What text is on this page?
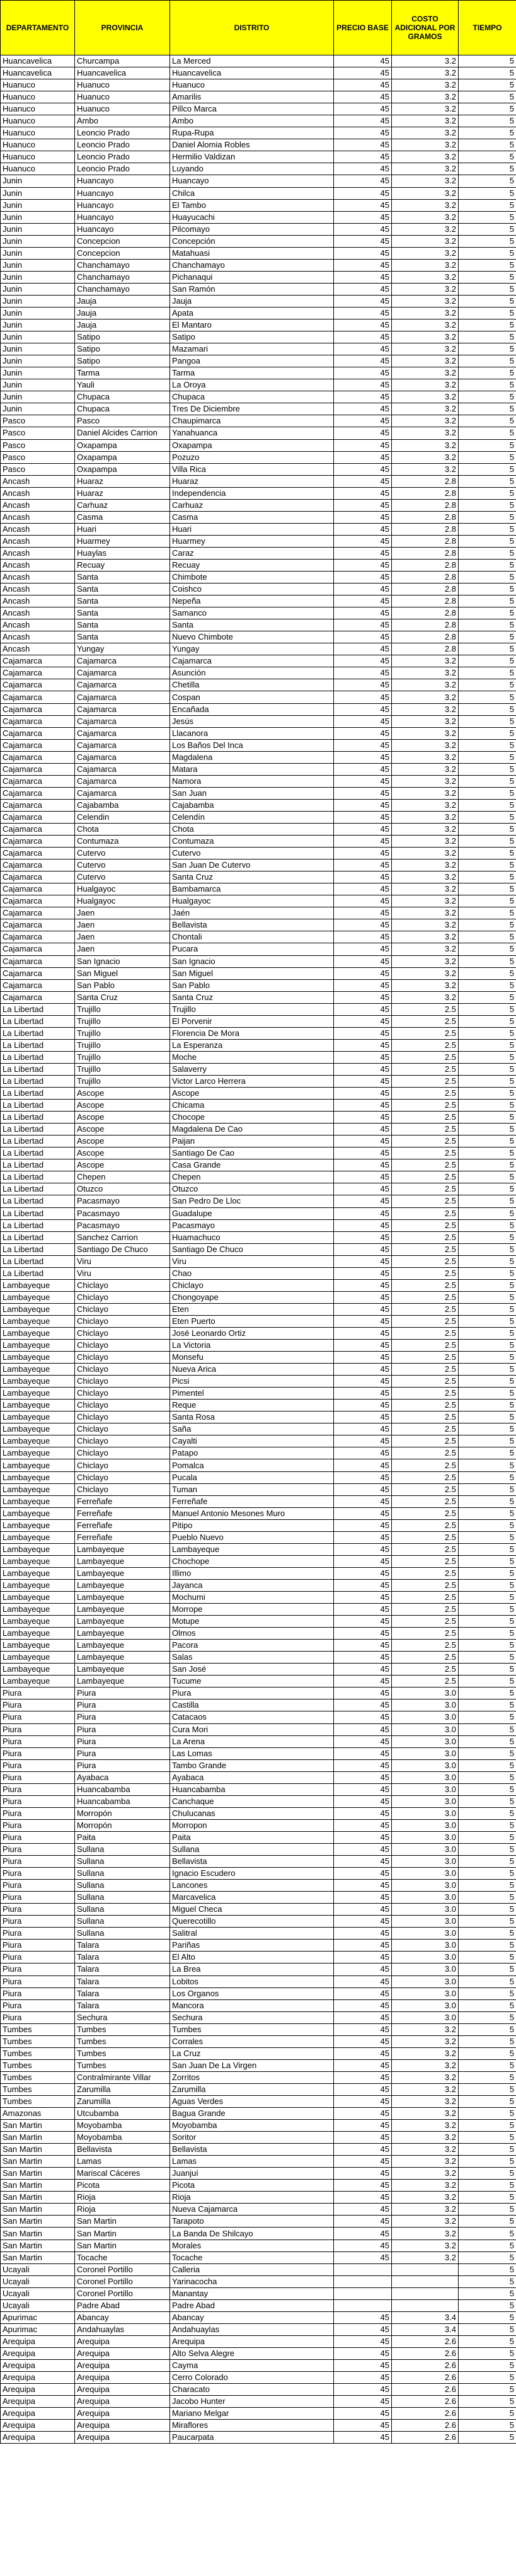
DEPARTAMENTO	PROVINCIA	DISTRITO	PRECIO BASE	COSTO ADICIONAL POR GRAMOS	TIEMPO
Huancavelica	Churcampa	La Merced	45	3.2	5
Huancavelica	Huancavelica	Huancavelica	45	3.2	5
Huanuco	Huanuco	Huanuco	45	3.2	5
Huanuco	Huanuco	Amarilis	45	3.2	5
Huanuco	Huanuco	Pillco Marca	45	3.2	5
Huanuco	Ambo	Ambo	45	3.2	5
Huanuco	Leoncio Prado	Rupa-Rupa	45	3.2	5
Huanuco	Leoncio Prado	Daniel Alomia Robles	45	3.2	5
Huanuco	Leoncio Prado	Hermilio Valdizan	45	3.2	5
Huanuco	Leoncio Prado	Luyando	45	3.2	5
Junin	Huancayo	Huancayo	45	3.2	5
Junin	Huancayo	Chilca	45	3.2	5
Junin	Huancayo	El Tambo	45	3.2	5
Junin	Huancayo	Huayucachi	45	3.2	5
Junin	Huancayo	Pilcomayo	45	3.2	5
Junin	Concepcion	Concepción	45	3.2	5
Junin	Concepcion	Matahuasi	45	3.2	5
Junin	Chanchamayo	Chanchamayo	45	3.2	5
Junin	Chanchamayo	Pichanaqui	45	3.2	5
Junin	Chanchamayo	San Ramón	45	3.2	5
Junin	Jauja	Jauja	45	3.2	5
Junin	Jauja	Apata	45	3.2	5
Junin	Jauja	El Mantaro	45	3.2	5
Junin	Satipo	Satipo	45	3.2	5
Junin	Satipo	Mazamari	45	3.2	5
Junin	Satipo	Pangoa	45	3.2	5
Junin	Tarma	Tarma	45	3.2	5
Junin	Yauli	La Oroya	45	3.2	5
Junin	Chupaca	Chupaca	45	3.2	5
Junin	Chupaca	Tres De Diciembre	45	3.2	5
Pasco	Pasco	Chaupimarca	45	3.2	5
Pasco	Daniel Alcides Carrion	Yanahuanca	45	3.2	5
Pasco	Oxapampa	Oxapampa	45	3.2	5
Pasco	Oxapampa	Pozuzo	45	3.2	5
Pasco	Oxapampa	Villa Rica	45	3.2	5
Ancash	Huaraz	Huaraz	45	2.8	5
Ancash	Huaraz	Independencia	45	2.8	5
Ancash	Carhuaz	Carhuaz	45	2.8	5
Ancash	Casma	Casma	45	2.8	5
Ancash	Huari	Huari	45	2.8	5
Ancash	Huarmey	Huarmey	45	2.8	5
Ancash	Huaylas	Caraz	45	2.8	5
Ancash	Recuay	Recuay	45	2.8	5
Ancash	Santa	Chimbote	45	2.8	5
Ancash	Santa	Coishco	45	2.8	5
Ancash	Santa	Nepeña	45	2.8	5
Ancash	Santa	Samanco	45	2.8	5
Ancash	Santa	Santa	45	2.8	5
Ancash	Santa	Nuevo Chimbote	45	2.8	5
Ancash	Yungay	Yungay	45	2.8	5
Cajamarca	Cajamarca	Cajamarca	45	3.2	5
Cajamarca	Cajamarca	Asunción	45	3.2	5
Cajamarca	Cajamarca	Chetilla	45	3.2	5
Cajamarca	Cajamarca	Cospan	45	3.2	5
Cajamarca	Cajamarca	Encañada	45	3.2	5
Cajamarca	Cajamarca	Jesús	45	3.2	5
Cajamarca	Cajamarca	Llacanora	45	3.2	5
Cajamarca	Cajamarca	Los Baños Del Inca	45	3.2	5
Cajamarca	Cajamarca	Magdalena	45	3.2	5
Cajamarca	Cajamarca	Matara	45	3.2	5
Cajamarca	Cajamarca	Namora	45	3.2	5
Cajamarca	Cajamarca	San Juan	45	3.2	5
Cajamarca	Cajabamba	Cajabamba	45	3.2	5
Cajamarca	Celendin	Celendín	45	3.2	5
Cajamarca	Chota	Chota	45	3.2	5
Cajamarca	Contumaza	Contumaza	45	3.2	5
Cajamarca	Cutervo	Cutervo	45	3.2	5
Cajamarca	Cutervo	San Juan De Cutervo	45	3.2	5
Cajamarca	Cutervo	Santa Cruz	45	3.2	5
Cajamarca	Hualgayoc	Bambamarca	45	3.2	5
Cajamarca	Hualgayoc	Hualgayoc	45	3.2	5
Cajamarca	Jaen	Jaén	45	3.2	5
Cajamarca	Jaen	Bellavista	45	3.2	5
Cajamarca	Jaen	Chontali	45	3.2	5
Cajamarca	Jaen	Pucara	45	3.2	5
Cajamarca	San Ignacio	San Ignacio	45	3.2	5
Cajamarca	San Miguel	San Miguel	45	3.2	5
Cajamarca	San Pablo	San Pablo	45	3.2	5
Cajamarca	Santa Cruz	Santa Cruz	45	3.2	5
La Libertad	Trujillo	Trujillo	45	2.5	5
La Libertad	Trujillo	El Porvenir	45	2.5	5
La Libertad	Trujillo	Florencia De Mora	45	2.5	5
La Libertad	Trujillo	La Esperanza	45	2.5	5
La Libertad	Trujillo	Moche	45	2.5	5
La Libertad	Trujillo	Salaverry	45	2.5	5
La Libertad	Trujillo	Victor Larco Herrera	45	2.5	5
La Libertad	Ascope	Ascope	45	2.5	5
La Libertad	Ascope	Chicama	45	2.5	5
La Libertad	Ascope	Chocope	45	2.5	5
La Libertad	Ascope	Magdalena De Cao	45	2.5	5
La Libertad	Ascope	Paijan	45	2.5	5
La Libertad	Ascope	Santiago De Cao	45	2.5	5
La Libertad	Ascope	Casa Grande	45	2.5	5
La Libertad	Chepen	Chepen	45	2.5	5
La Libertad	Otuzco	Otuzco	45	2.5	5
La Libertad	Pacasmayo	San Pedro De Lloc	45	2.5	5
La Libertad	Pacasmayo	Guadalupe	45	2.5	5
La Libertad	Pacasmayo	Pacasmayo	45	2.5	5
La Libertad	Sanchez Carrion	Huamachuco	45	2.5	5
La Libertad	Santiago De Chuco	Santiago De Chuco	45	2.5	5
La Libertad	Viru	Viru	45	2.5	5
La Libertad	Viru	Chao	45	2.5	5
Lambayeque	Chiclayo	Chiclayo	45	2.5	5
Lambayeque	Chiclayo	Chongoyape	45	2.5	5
Lambayeque	Chiclayo	Eten	45	2.5	5
Lambayeque	Chiclayo	Eten Puerto	45	2.5	5
Lambayeque	Chiclayo	José Leonardo Ortiz	45	2.5	5
Lambayeque	Chiclayo	La Victoria	45	2.5	5
Lambayeque	Chiclayo	Monsefu	45	2.5	5
Lambayeque	Chiclayo	Nueva Arica	45	2.5	5
Lambayeque	Chiclayo	Picsi	45	2.5	5
Lambayeque	Chiclayo	Pimentel	45	2.5	5
Lambayeque	Chiclayo	Reque	45	2.5	5
Lambayeque	Chiclayo	Santa Rosa	45	2.5	5
Lambayeque	Chiclayo	Saña	45	2.5	5
Lambayeque	Chiclayo	Cayalti	45	2.5	5
Lambayeque	Chiclayo	Patapo	45	2.5	5
Lambayeque	Chiclayo	Pomalca	45	2.5	5
Lambayeque	Chiclayo	Pucala	45	2.5	5
Lambayeque	Chiclayo	Tuman	45	2.5	5
Lambayeque	Ferreñafe	Ferreñafe	45	2.5	5
Lambayeque	Ferreñafe	Manuel Antonio Mesones Muro	45	2.5	5
Lambayeque	Ferreñafe	Pitipo	45	2.5	5
Lambayeque	Ferreñafe	Pueblo Nuevo	45	2.5	5
Lambayeque	Lambayeque	Lambayeque	45	2.5	5
Lambayeque	Lambayeque	Chochope	45	2.5	5
Lambayeque	Lambayeque	Illimo	45	2.5	5
Lambayeque	Lambayeque	Jayanca	45	2.5	5
Lambayeque	Lambayeque	Mochumi	45	2.5	5
Lambayeque	Lambayeque	Morrope	45	2.5	5
Lambayeque	Lambayeque	Motupe	45	2.5	5
Lambayeque	Lambayeque	Olmos	45	2.5	5
Lambayeque	Lambayeque	Pacora	45	2.5	5
Lambayeque	Lambayeque	Salas	45	2.5	5
Lambayeque	Lambayeque	San José	45	2.5	5
Lambayeque	Lambayeque	Tucume	45	2.5	5
Piura	Piura	Piura	45	3.0	5
Piura	Piura	Castilla	45	3.0	5
Piura	Piura	Catacaos	45	3.0	5
Piura	Piura	Cura Mori	45	3.0	5
Piura	Piura	La Arena	45	3.0	5
Piura	Piura	Las Lomas	45	3.0	5
Piura	Piura	Tambo Grande	45	3.0	5
Piura	Ayabaca	Ayabaca	45	3.0	5
Piura	Huancabamba	Huancabamba	45	3.0	5
Piura	Huancabamba	Canchaque	45	3.0	5
Piura	Morropón	Chulucanas	45	3.0	5
Piura	Morropón	Morropon	45	3.0	5
Piura	Paita	Paita	45	3.0	5
Piura	Sullana	Sullana	45	3.0	5
Piura	Sullana	Bellavista	45	3.0	5
Piura	Sullana	Ignacio Escudero	45	3.0	5
Piura	Sullana	Lancones	45	3.0	5
Piura	Sullana	Marcavelica	45	3.0	5
Piura	Sullana	Miguel Checa	45	3.0	5
Piura	Sullana	Querecotillo	45	3.0	5
Piura	Sullana	Salitral	45	3.0	5
Piura	Talara	Pariñas	45	3.0	5
Piura	Talara	El Alto	45	3.0	5
Piura	Talara	La Brea	45	3.0	5
Piura	Talara	Lobitos	45	3.0	5
Piura	Talara	Los Organos	45	3.0	5
Piura	Talara	Mancora	45	3.0	5
Piura	Sechura	Sechura	45	3.0	5
Tumbes	Tumbes	Tumbes	45	3.2	5
Tumbes	Tumbes	Corrales	45	3.2	5
Tumbes	Tumbes	La Cruz	45	3.2	5
Tumbes	Tumbes	San Juan De La Virgen	45	3.2	5
Tumbes	Contralmirante Villar	Zorritos	45	3.2	5
Tumbes	Zarumilla	Zarumilla	45	3.2	5
Tumbes	Zarumilla	Aguas Verdes	45	3.2	5
Amazonas	Utcubamba	Bagua Grande	45	3.2	5
San Martin	Moyobamba	Moyobamba	45	3.2	5
San Martin	Moyobamba	Soritor	45	3.2	5
San Martin	Bellavista	Bellavista	45	3.2	5
San Martin	Lamas	Lamas	45	3.2	5
San Martin	Mariscal Cáceres	Juanjuí	45	3.2	5
San Martin	Picota	Picota	45	3.2	5
San Martin	Rioja	Rioja	45	3.2	5
San Martin	Rioja	Nueva Cajamarca	45	3.2	5
San Martin	San Martin	Tarapoto	45	3.2	5
San Martin	San Martin	La Banda De Shilcayo	45	3.2	5
San Martin	San Martin	Morales	45	3.2	5
San Martin	Tocache	Tocache	45	3.2	5
Ucayali	Coronel Portillo	Calleria			5
Ucayali	Coronel Portillo	Yarinacocha			5
Ucayali	Coronel Portillo	Manantay			5
Ucayali	Padre Abad	Padre Abad			5
Apurimac	Abancay	Abancay	45	3.4	5
Apurimac	Andahuaylas	Andahuaylas	45	3.4	5
Arequipa	Arequipa	Arequipa	45	2.6	5
Arequipa	Arequipa	Alto Selva Alegre	45	2.6	5
Arequipa	Arequipa	Cayma	45	2.6	5
Arequipa	Arequipa	Cerro Colorado	45	2.6	5
Arequipa	Arequipa	Characato	45	2.6	5
Arequipa	Arequipa	Jacobo Hunter	45	2.6	5
Arequipa	Arequipa	Mariano Melgar	45	2.6	5
Arequipa	Arequipa	Miraflores	45	2.6	5
Arequipa	Arequipa	Paucarpata	45	2.6	5
